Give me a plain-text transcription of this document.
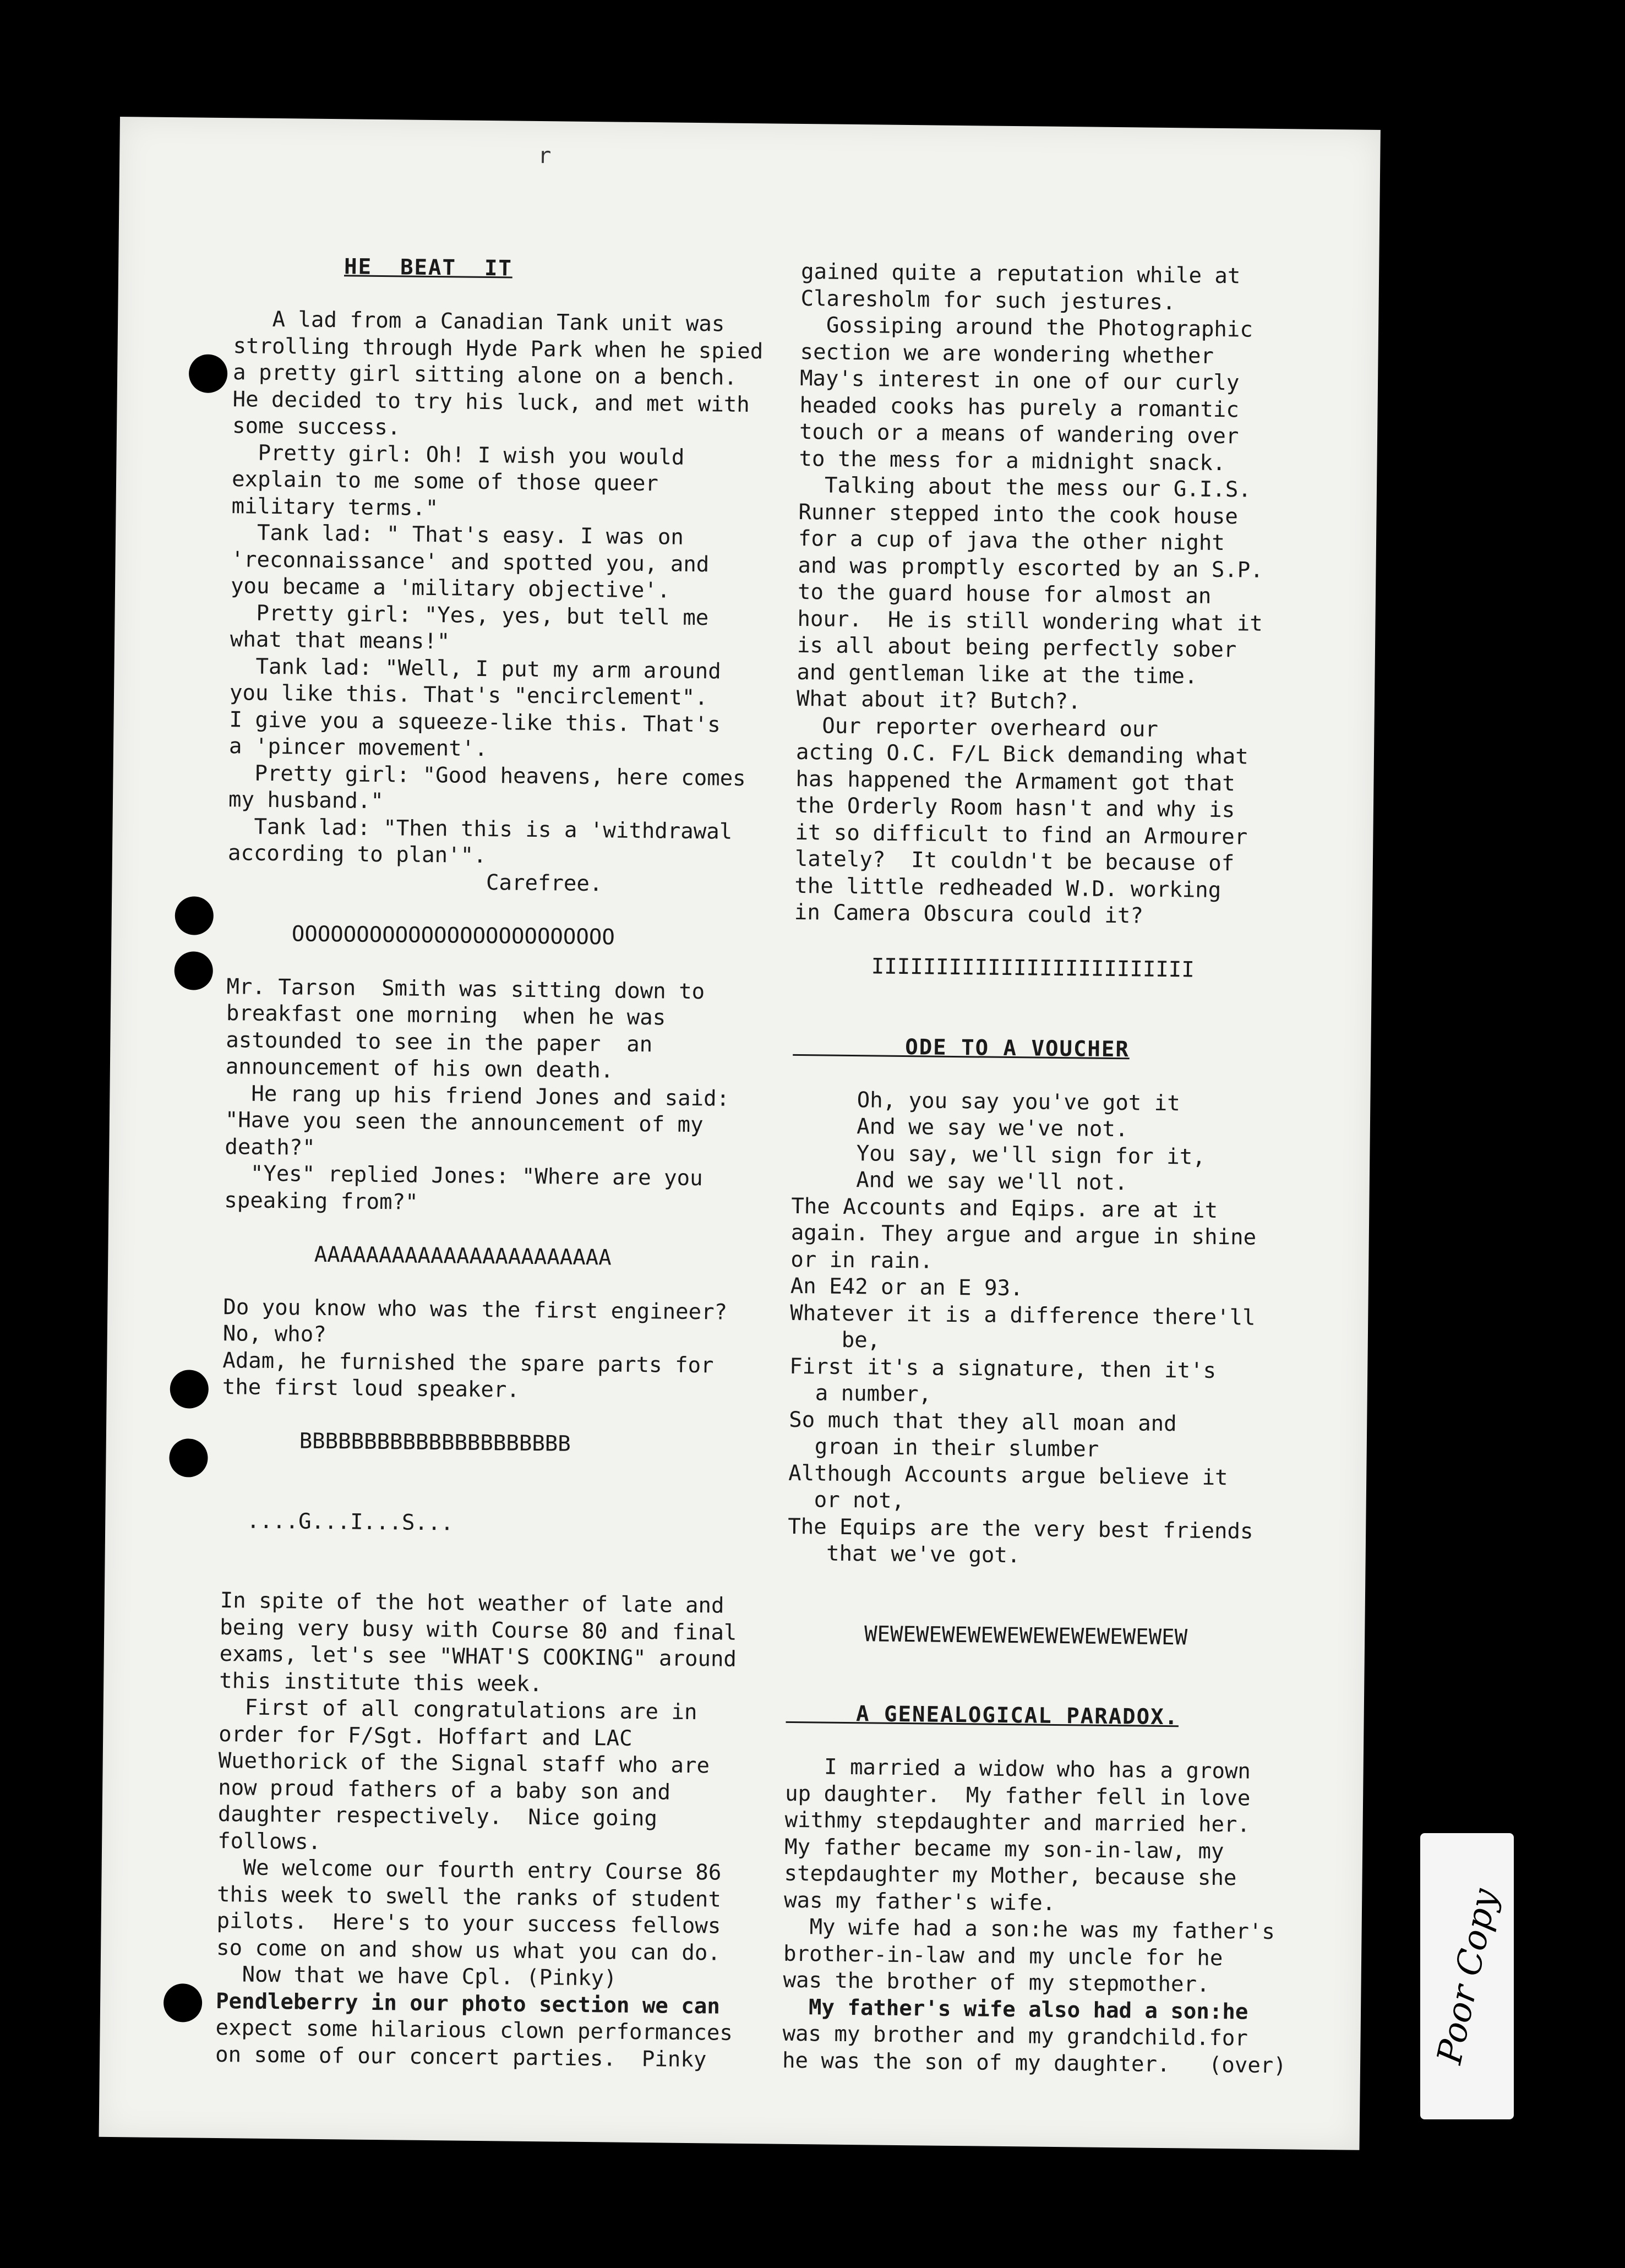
r

HE  BEAT  IT

A lad from a Canadian Tank unit was

strolling through Hyde Park when he spied

a pretty girl sitting alone on a bench.

He decided to try his luck, and met with

some success.

Pretty girl: Oh! I wish you would

explain to me some of those queer

military terms."

Tank lad: " That's easy. I was on

'reconnaissance' and spotted you, and

you became a 'military objective'.

Pretty girl: "Yes, yes, but tell me

what that means!"

Tank lad: "Well, I put my arm around

you like this. That's "encirclement".

I give you a squeeze-like this. That's

a 'pincer movement'.

Pretty girl: "Good heavens, here comes

my husband."

Tank lad: "Then this is a 'withdrawal

according to plan'".

Carefree.

OOOOOOOOOOOOOOOOOOOOOOOOO

Mr. Tarson  Smith was sitting down to

breakfast one morning  when he was

astounded to see in the paper  an

announcement of his own death.

He rang up his friend Jones and said:

"Have you seen the announcement of my

death?"

"Yes" replied Jones: "Where are you

speaking from?"

AAAAAAAAAAAAAAAAAAAAAAA

Do you know who was the first engineer?

No, who?

Adam, he furnished the spare parts for

the first loud speaker.

BBBBBBBBBBBBBBBBBBBBB

....G...I...S...

In spite of the hot weather of late and

being very busy with Course 80 and final

exams, let's see "WHAT'S COOKING" around

this institute this week.

First of all congratulations are in

order for F/Sgt. Hoffart and LAC

Wuethorick of the Signal staff who are

now proud fathers of a baby son and

daughter respectively.  Nice going

follows.

We welcome our fourth entry Course 86

this week to swell the ranks of student

pilots.  Here's to your success fellows

so come on and show us what you can do.

Now that we have Cpl. (Pinky)

Pendleberry in our photo section we can

expect some hilarious clown performances

on some of our concert parties.  Pinky

gained quite a reputation while at

Claresholm for such jestures.

Gossiping around the Photographic

section we are wondering whether

May's interest in one of our curly

headed cooks has purely a romantic

touch or a means of wandering over

to the mess for a midnight snack.

Talking about the mess our G.I.S.

Runner stepped into the cook house

for a cup of java the other night

and was promptly escorted by an S.P.

to the guard house for almost an

hour.  He is still wondering what it

is all about being perfectly sober

and gentleman like at the time.

What about it? Butch?.

Our reporter overheard our

acting O.C. F/L Bick demanding what

has happened the Armament got that

the Orderly Room hasn't and why is

it so difficult to find an Armourer

lately?  It couldn't be because of

the little redheaded W.D. working

in Camera Obscura could it?

IIIIIIIIIIIIIIIIIIIIIIIII

ODE TO A VOUCHER

Oh, you say you've got it

And we say we've not.

You say, we'll sign for it,

And we say we'll not.

The Accounts and Eqips. are at it

again. They argue and argue in shine

or in rain.

An E42 or an E 93.

Whatever it is a difference there'll

be,

First it's a signature, then it's

a number,

So much that they all moan and

groan in their slumber

Although Accounts argue believe it

or not,

The Equips are the very best friends

that we've got.

WEWEWEWEWEWEWEWEWEWEWEWEW

A GENEALOGICAL PARADOX.

I married a widow who has a grown

up daughter.  My father fell in love

withmy stepdaughter and married her.

My father became my son-in-law, my

stepdaughter my Mother, because she

was my father's wife.

My wife had a son:he was my father's

brother-in-law and my uncle for he

was the brother of my stepmother.

My father's wife also had a son:he

was my brother and my grandchild.for

he was the son of my daughter.   (over)	Poor Copy
